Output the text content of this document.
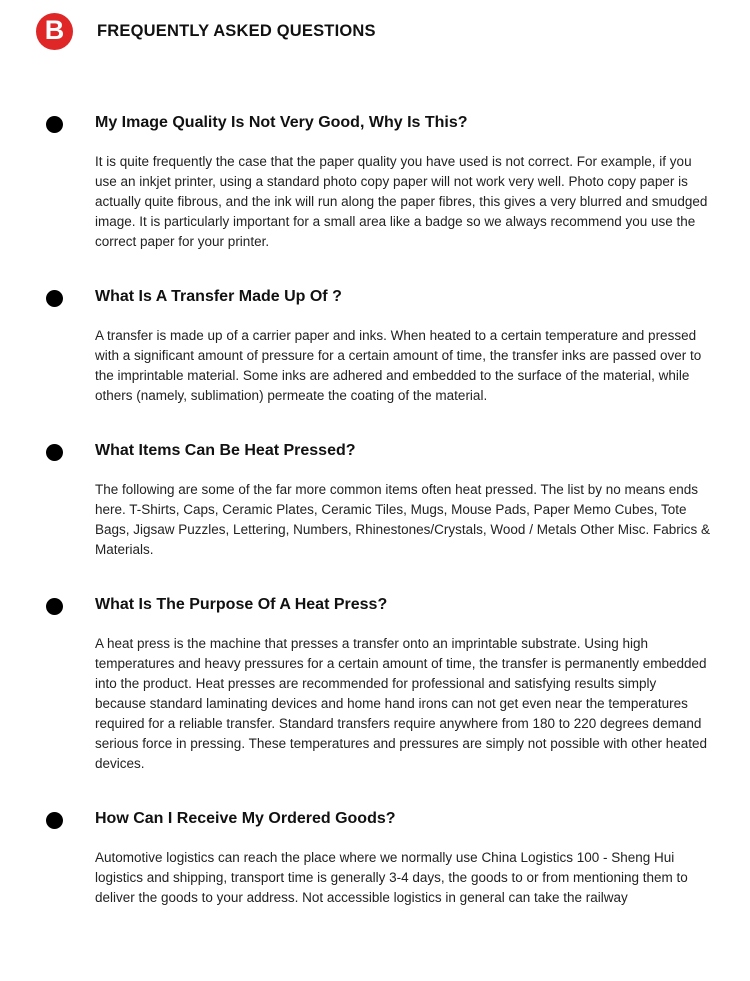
B	FREQUENTLY ASKED QUESTIONS
My Image Quality Is Not Very Good, Why Is This?

It is quite frequently the case that the paper quality you have used is not correct. For example, if you use an inkjet printer, using a standard photo copy paper will not work very well. Photo copy paper is actually quite fibrous, and the ink will run along the paper fibres, this gives a very blurred and smudged image. It is particularly important for a small area like a badge so we always recommend you use the correct paper for your printer.

What Is A Transfer Made Up Of ?

A transfer is made up of a carrier paper and inks. When heated to a certain temperature and pressed with a significant amount of pressure for a certain amount of time, the transfer inks are passed over to the imprintable material. Some inks are adhered and embedded to the surface of the material, while others (namely, sublimation) permeate the coating of the material.

What Items Can Be Heat Pressed?

The following are some of the far more common items often heat pressed. The list by no means ends here. T-Shirts, Caps, Ceramic Plates, Ceramic Tiles, Mugs, Mouse Pads, Paper Memo Cubes, Tote Bags, Jigsaw Puzzles, Lettering, Numbers, Rhinestones/Crystals, Wood / Metals Other Misc. Fabrics & Materials.

What Is The Purpose Of A Heat Press?

A heat press is the machine that presses a transfer onto an imprintable substrate. Using high temperatures and heavy pressures for a certain amount of time, the transfer is permanently embedded into the product. Heat presses are recommended for professional and satisfying results simply because standard laminating devices and home hand irons can not get even near the temperatures required for a reliable transfer. Standard transfers require anywhere from 180 to 220 degrees demand serious force in pressing. These temperatures and pressures are simply not possible with other heated devices.

How Can I Receive My Ordered Goods?

Automotive logistics can reach the place where we normally use China Logistics 100 - Sheng Hui logistics and shipping, transport time is generally 3-4 days, the goods to or from mentioning them to deliver the goods to your address. Not accessible logistics in general can take the railway
